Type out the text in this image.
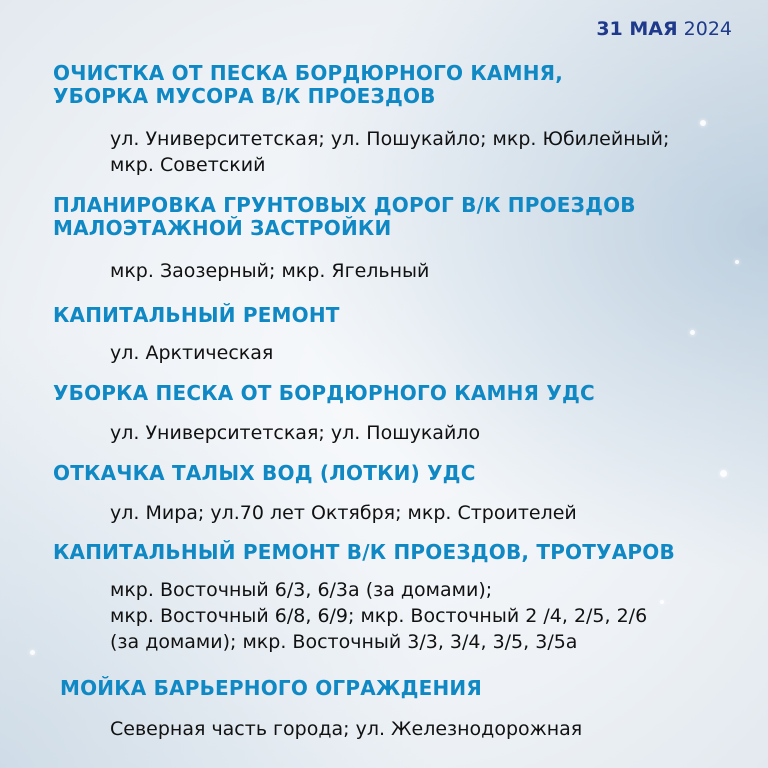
31 МАЯ 2024
ОЧИСТКА ОТ ПЕСКА БОРДЮРНОГО КАМНЯ,
УБОРКА МУСОРА В/К ПРОЕЗДОВ
ул. Университетская; ул. Пошукайло; мкр. Юбилейный;
мкр. Советский
ПЛАНИРОВКА ГРУНТОВЫХ ДОРОГ В/К ПРОЕЗДОВ
МАЛОЭТАЖНОЙ ЗАСТРОЙКИ
мкр. Заозерный; мкр. Ягельный
КАПИТАЛЬНЫЙ РЕМОНТ
ул. Арктическая
УБОРКА ПЕСКА ОТ БОРДЮРНОГО КАМНЯ УДС
ул. Университетская; ул. Пошукайло
ОТКАЧКА ТАЛЫХ ВОД (ЛОТКИ) УДС
ул. Мира; ул.70 лет Октября; мкр. Строителей
КАПИТАЛЬНЫЙ РЕМОНТ В/К ПРОЕЗДОВ, ТРОТУАРОВ
мкр. Восточный 6/3, 6/3а (за домами);
мкр. Восточный 6/8, 6/9; мкр. Восточный 2 /4, 2/5, 2/6
(за домами); мкр. Восточный 3/3, 3/4, 3/5, 3/5а
МОЙКА БАРЬЕРНОГО ОГРАЖДЕНИЯ
Северная часть города; ул. Железнодорожная
